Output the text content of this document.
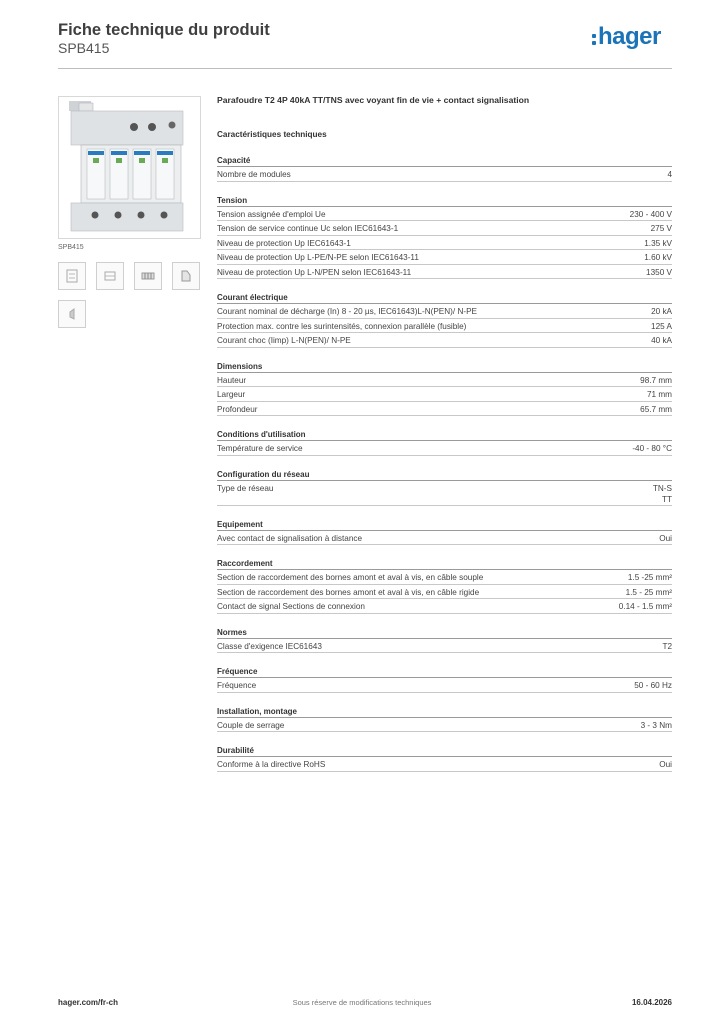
Fiche technique du produit
SPB415	hager
SPB415
Parafoudre T2 4P 40kA TT/TNS avec voyant fin de vie + contact signalisation
Caractéristiques techniques
Capacité
Nombre de modules	4
Tension
Tension assignée d'emploi Ue	230 - 400 V
Tension de service continue Uc selon IEC61643-1	275 V
Niveau de protection Up IEC61643-1	1.35 kV
Niveau de protection Up L-PE/N-PE selon IEC61643-11	1.60 kV
Niveau de protection Up L-N/PEN selon IEC61643-11	1350 V
Courant électrique
Courant nominal de décharge (In) 8 - 20 µs, IEC61643)L-N(PEN)/ N-PE	20 kA
Protection max. contre les surintensités, connexion parallèle (fusible)	125 A
Courant choc (Iimp) L-N(PEN)/ N-PE	40 kA
Dimensions
Hauteur	98.7 mm
Largeur	71 mm
Profondeur	65.7 mm
Conditions d'utilisation
Température de service	-40 - 80 °C
Configuration du réseau
Type de réseau	TN-S
TT
Equipement
Avec contact de signalisation à distance	Oui
Raccordement
Section de raccordement des bornes amont et aval à vis, en câble souple	1.5 -25 mm²
Section de raccordement des bornes amont et aval à vis, en câble rigide	1.5 - 25 mm²
Contact de signal Sections de connexion	0.14 - 1.5 mm²
Normes
Classe d'exigence IEC61643	T2
Fréquence
Fréquence	50 - 60 Hz
Installation, montage
Couple de serrage	3 - 3 Nm
Durabilité
Conforme à la directive RoHS	Oui
hager.com/fr-ch	Sous réserve de modifications techniques	16.04.2026
